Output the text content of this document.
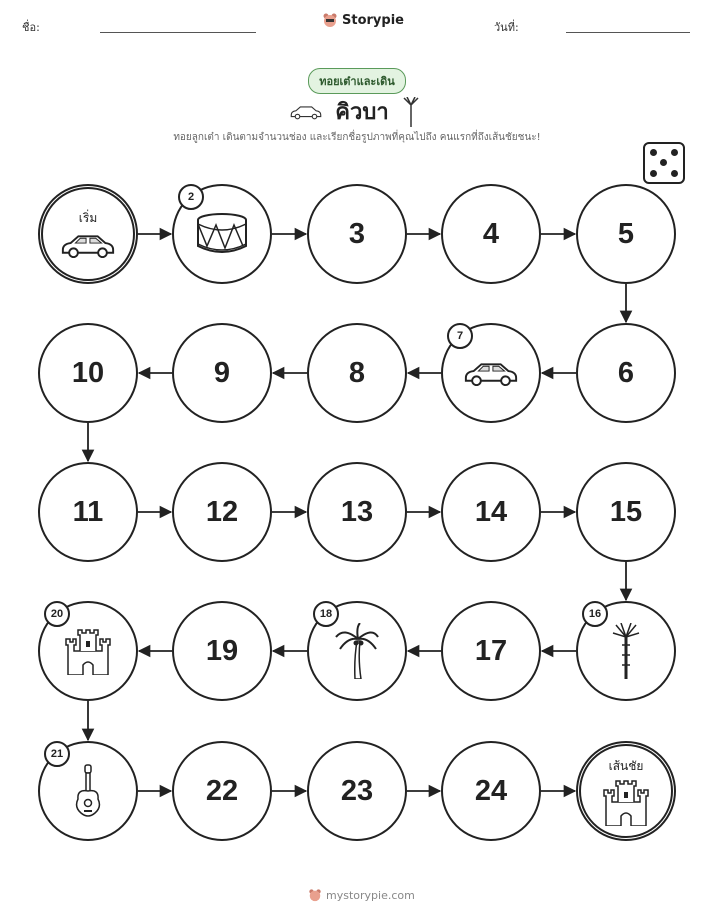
ชื่อ:	Storypie	วันที่:
ทอยเต๋าและเดิน
คิวบา
ทอยลูกเต๋า เดินตามจำนวนช่อง และเรียกชื่อรูปภาพที่คุณไปถึง คนแรกที่ถึงเส้นชัยชนะ!
เริ่ม
2
3	4	5
6
7
8
9
10
11	12	13	14	15
16
17
18
19
20
21
22	23	24
เส้นชัย
mystorypie.com
